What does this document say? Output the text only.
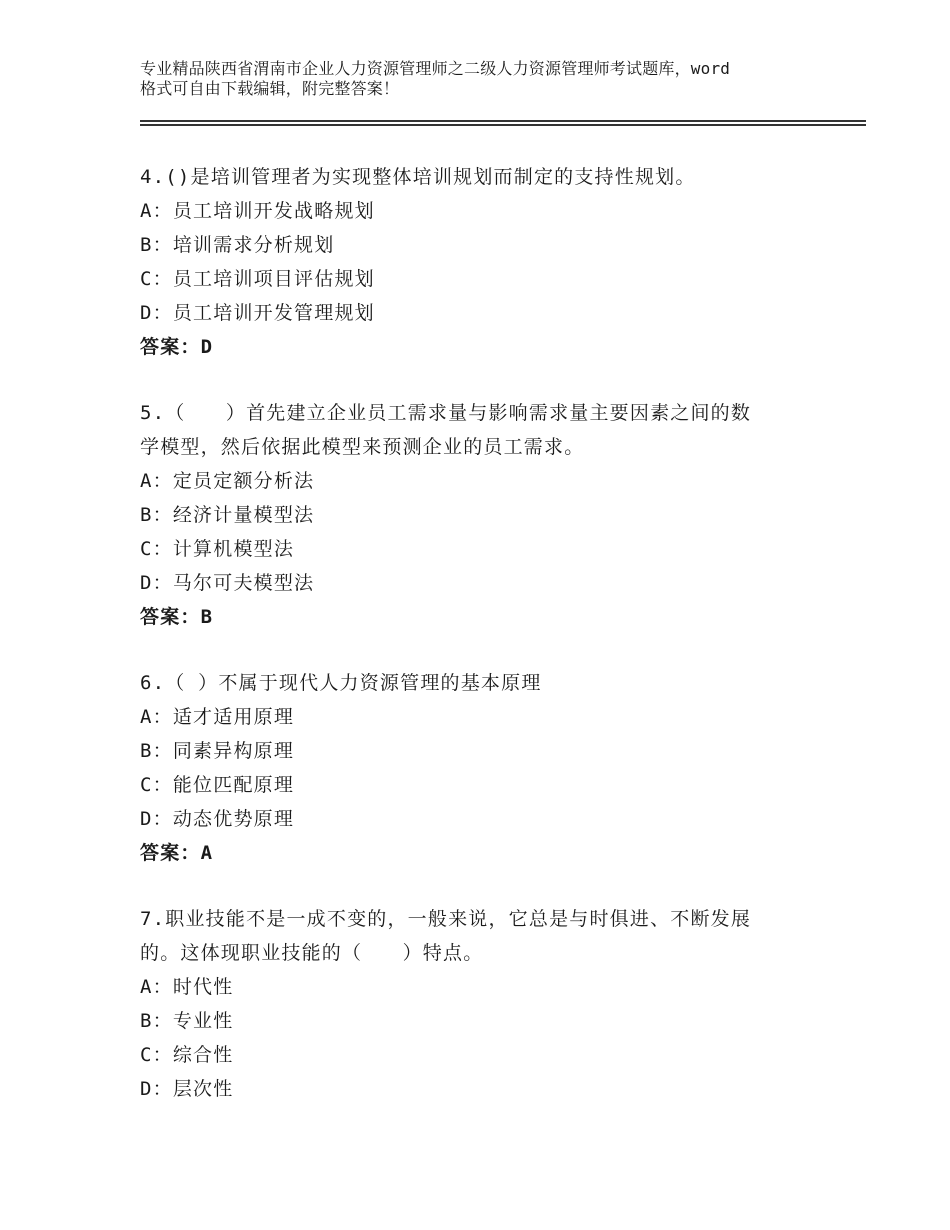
专业精品陕西省渭南市企业人力资源管理师之二级人力资源管理师考试题库，word
格式可自由下载编辑，附完整答案！
4.()是培训管理者为实现整体培训规划而制定的支持性规划。
A：员工培训开发战略规划
B：培训需求分析规划
C：员工培训项目评估规划
D：员工培训开发管理规划
答案：D
5.（　　）首先建立企业员工需求量与影响需求量主要因素之间的数
学模型，然后依据此模型来预测企业的员工需求。
A：定员定额分析法
B：经济计量模型法
C：计算机模型法
D：马尔可夫模型法
答案：B
6.（ ）不属于现代人力资源管理的基本原理
A：适才适用原理
B：同素异构原理
C：能位匹配原理
D：动态优势原理
答案：A
7.职业技能不是一成不变的，一般来说，它总是与时俱进、不断发展
的。这体现职业技能的（　　）特点。
A：时代性
B：专业性
C：综合性
D：层次性
